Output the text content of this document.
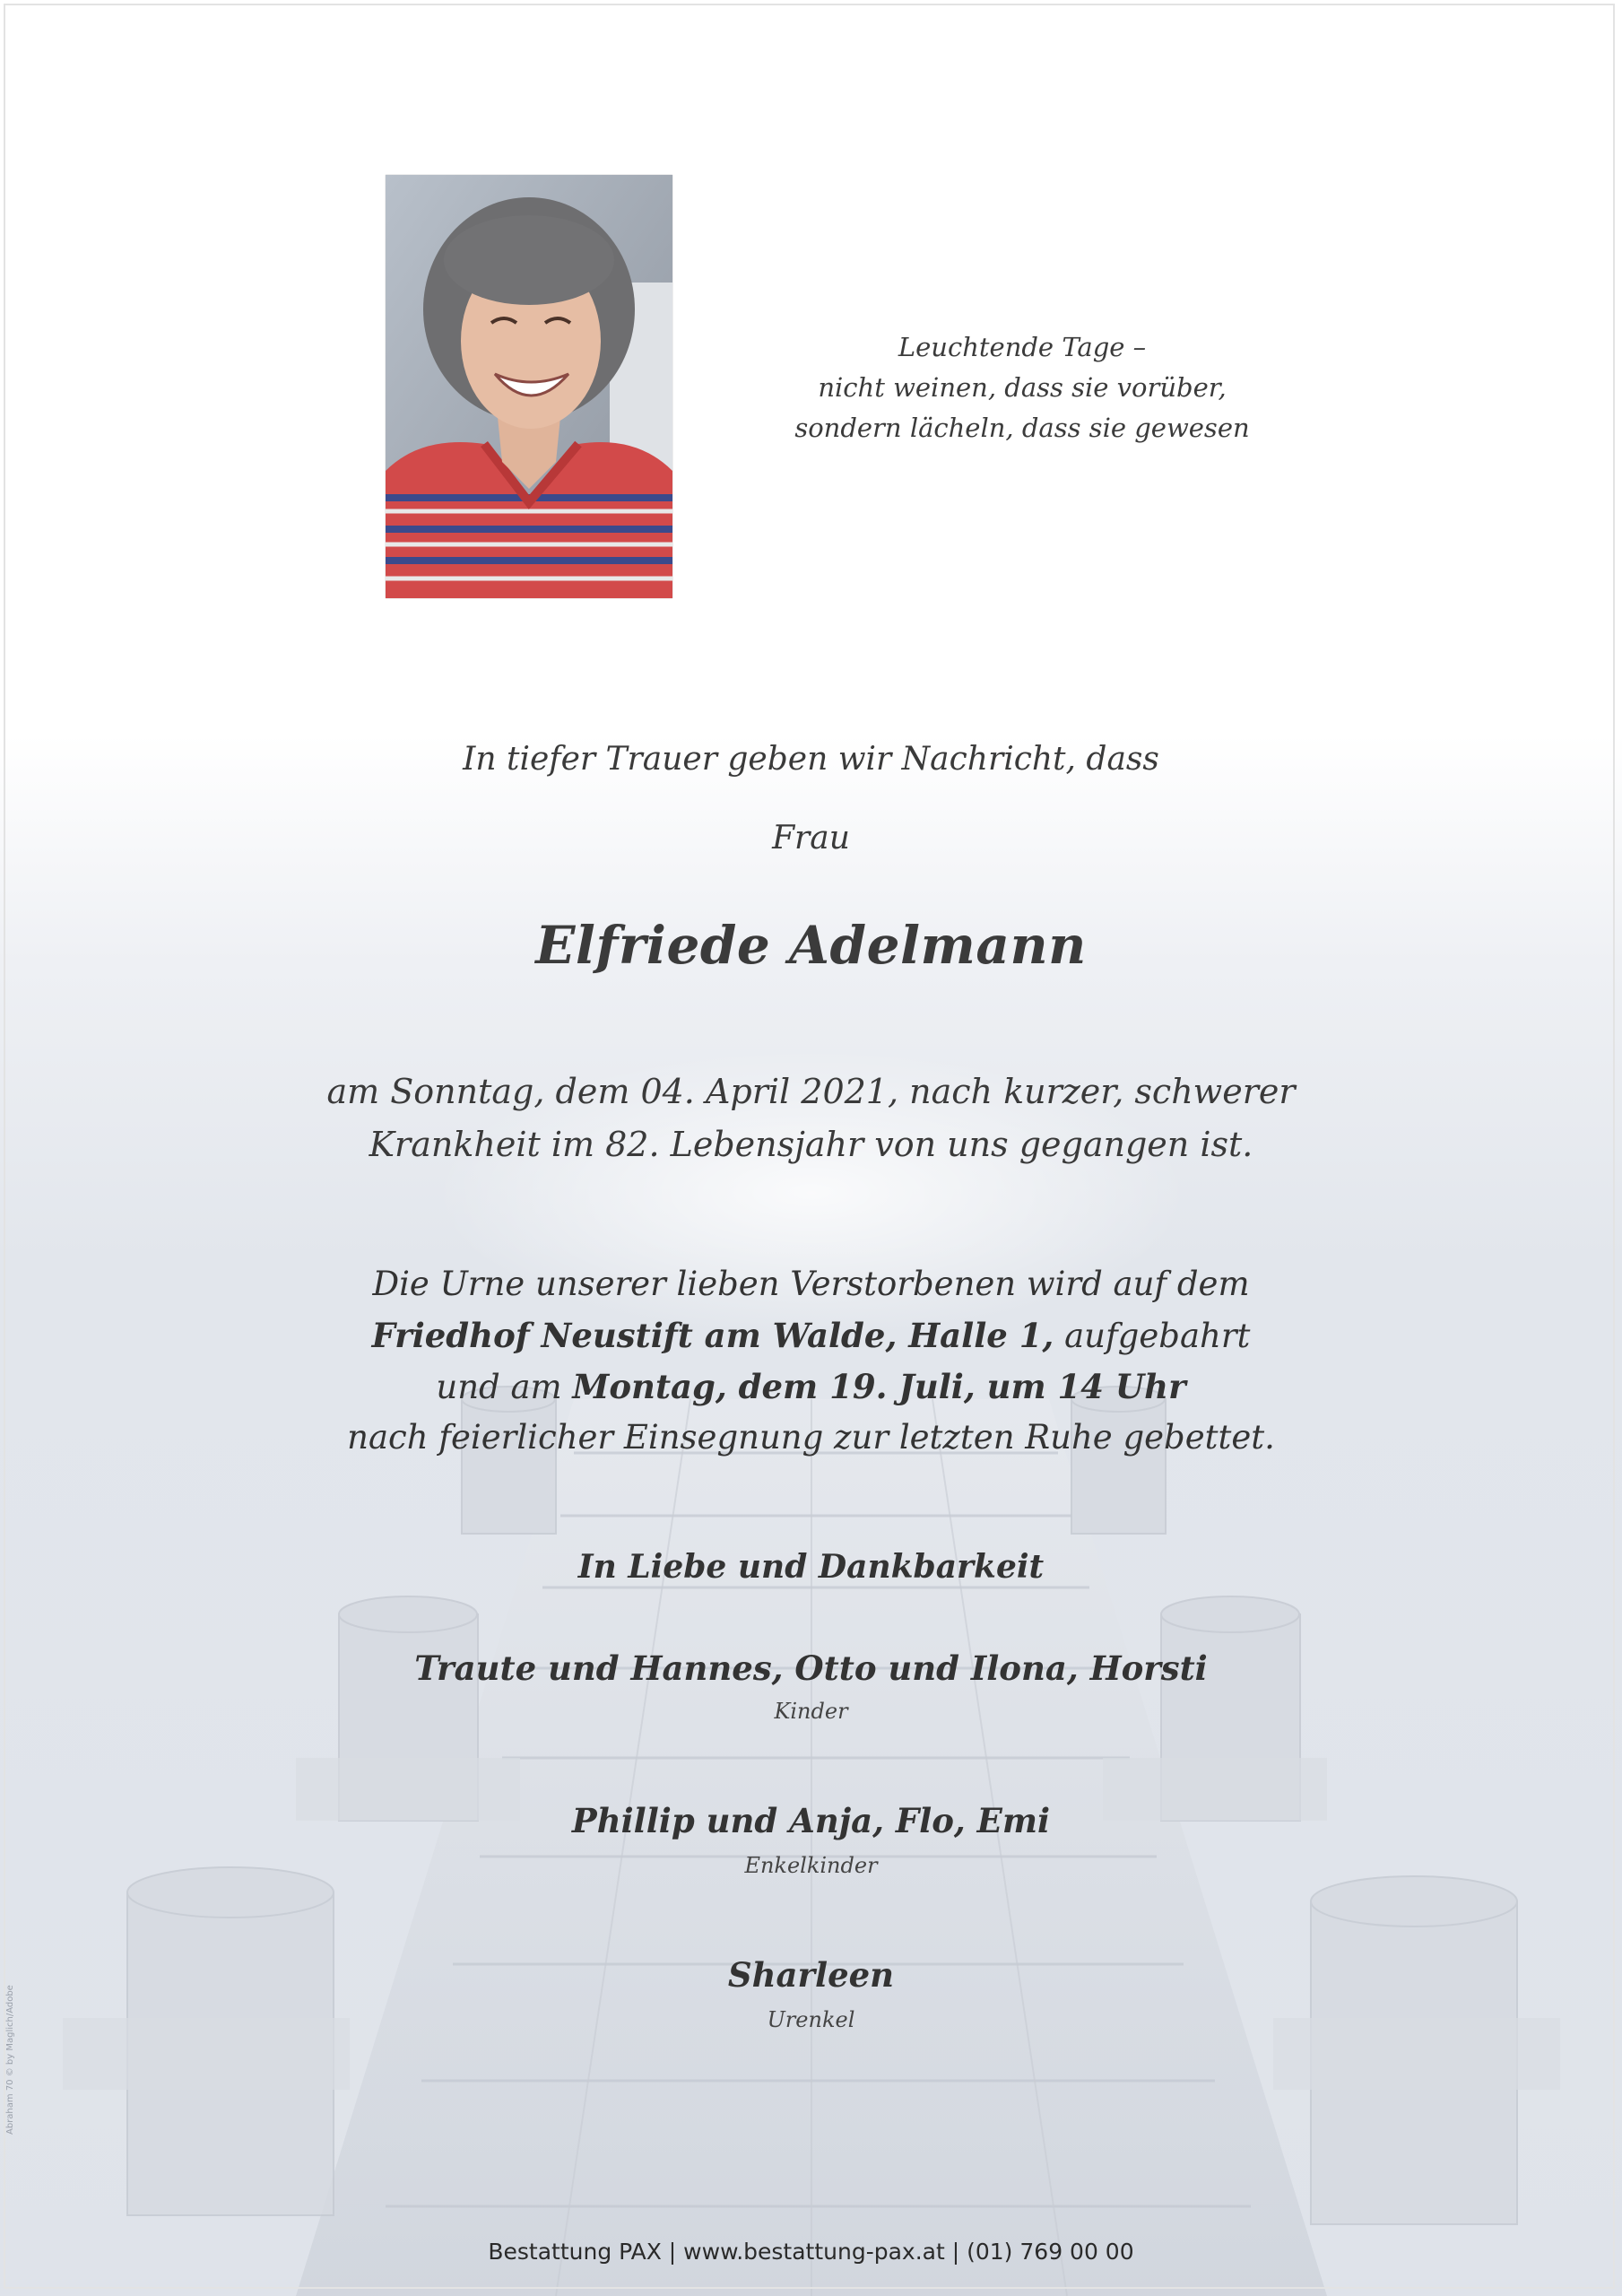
Leuchtende Tage –
nicht weinen, dass sie vorüber,
sondern lächeln, dass sie gewesen
In tiefer Trauer geben wir Nachricht, dass
Frau
Elfriede Adelmann
am Sonntag, dem 04. April 2021, nach kurzer, schwerer
Krankheit im 82. Lebensjahr von uns gegangen ist.
Die Urne unserer lieben Verstorbenen wird auf dem
Friedhof Neustift am Walde, Halle 1, aufgebahrt
und am Montag, dem 19. Juli, um 14 Uhr
nach feierlicher Einsegnung zur letzten Ruhe gebettet.
In Liebe und Dankbarkeit
Traute und Hannes, Otto und Ilona, Horsti
Kinder
Phillip und Anja, Flo, Emi
Enkelkinder
Sharleen
Urenkel
Abraham 70 © by Maglich/Adobe
Bestattung PAX | www.bestattung-pax.at | (01) 769 00 00
